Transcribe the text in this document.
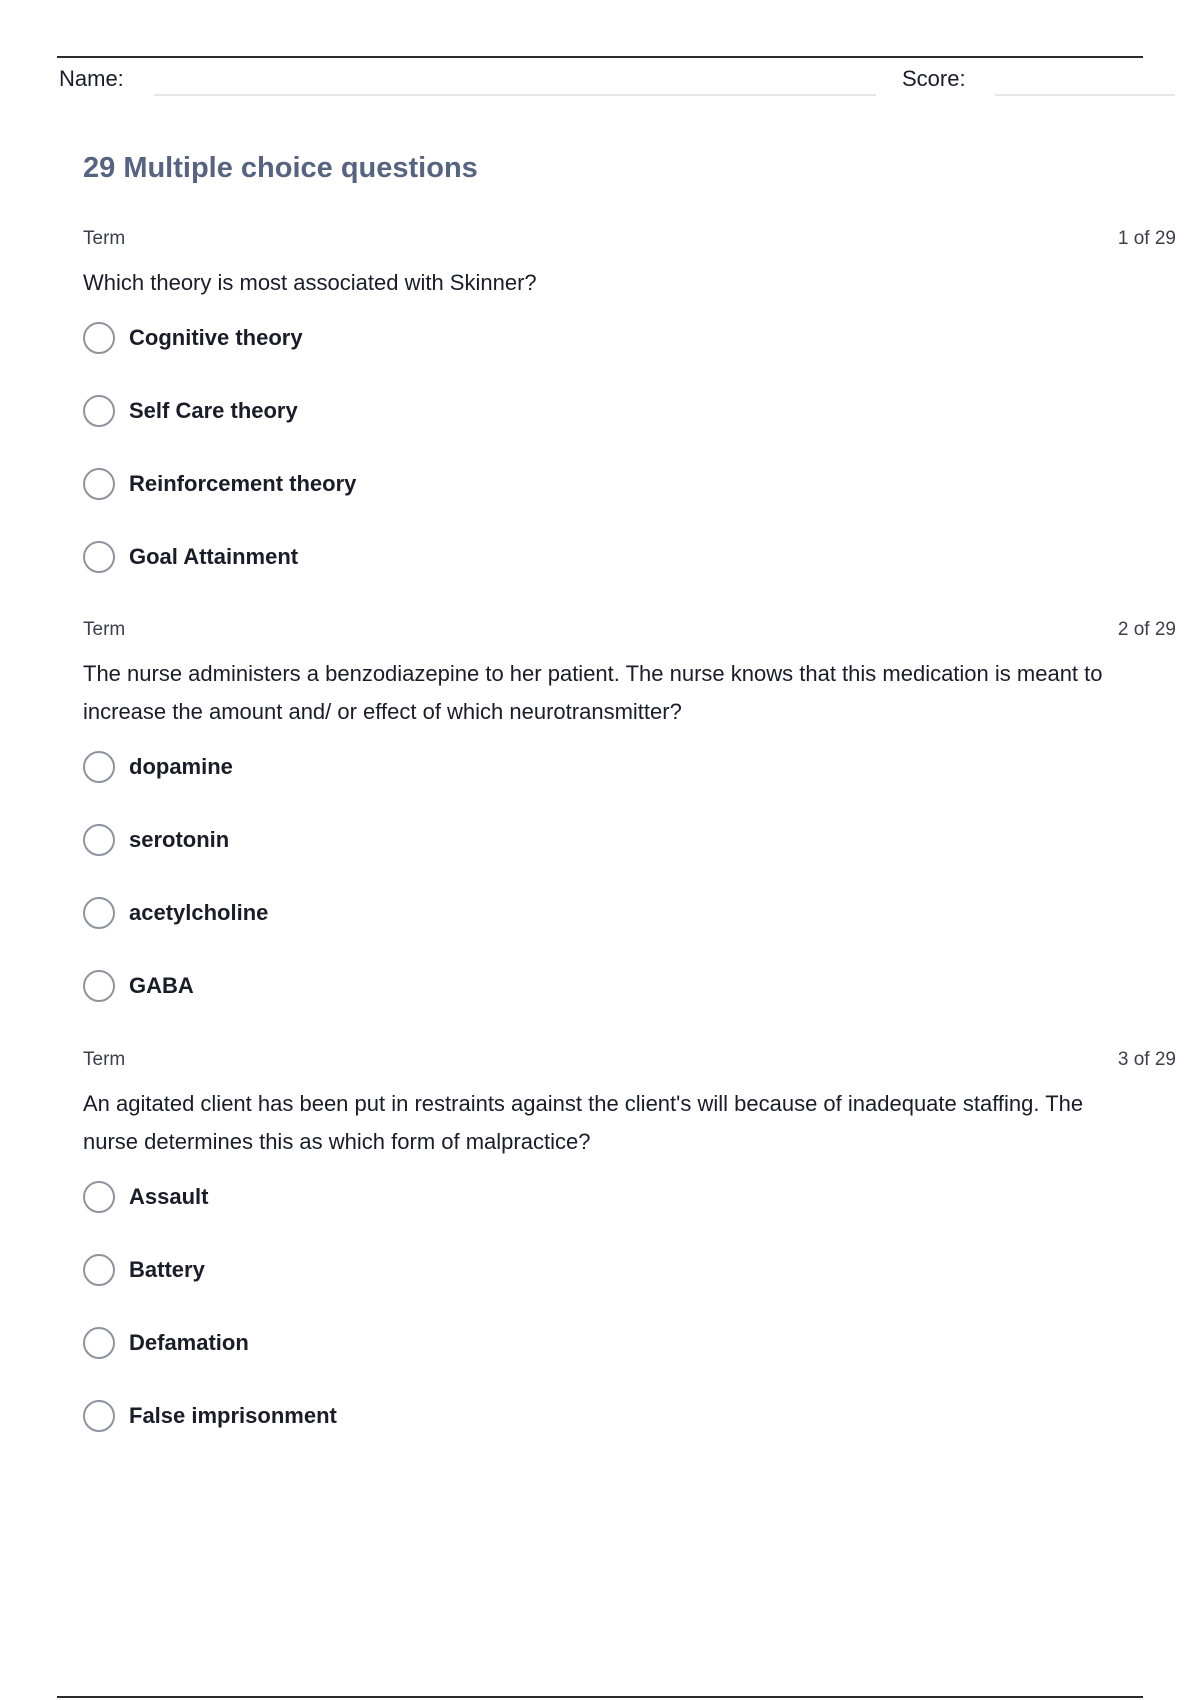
Name:	Score:
29 Multiple choice questions
Term	1 of 29

Which theory is most associated with Skinner?

Cognitive theory
Self Care theory
Reinforcement theory
Goal Attainment
Term	2 of 29

The nurse administers a benzodiazepine to her patient. The nurse knows that this medication is meant to increase the amount and/ or effect of which neurotransmitter?

dopamine
serotonin
acetylcholine
GABA
Term	3 of 29

An agitated client has been put in restraints against the client's will because of inadequate staffing. The nurse determines this as which form of malpractice?

Assault
Battery
Defamation
False imprisonment
